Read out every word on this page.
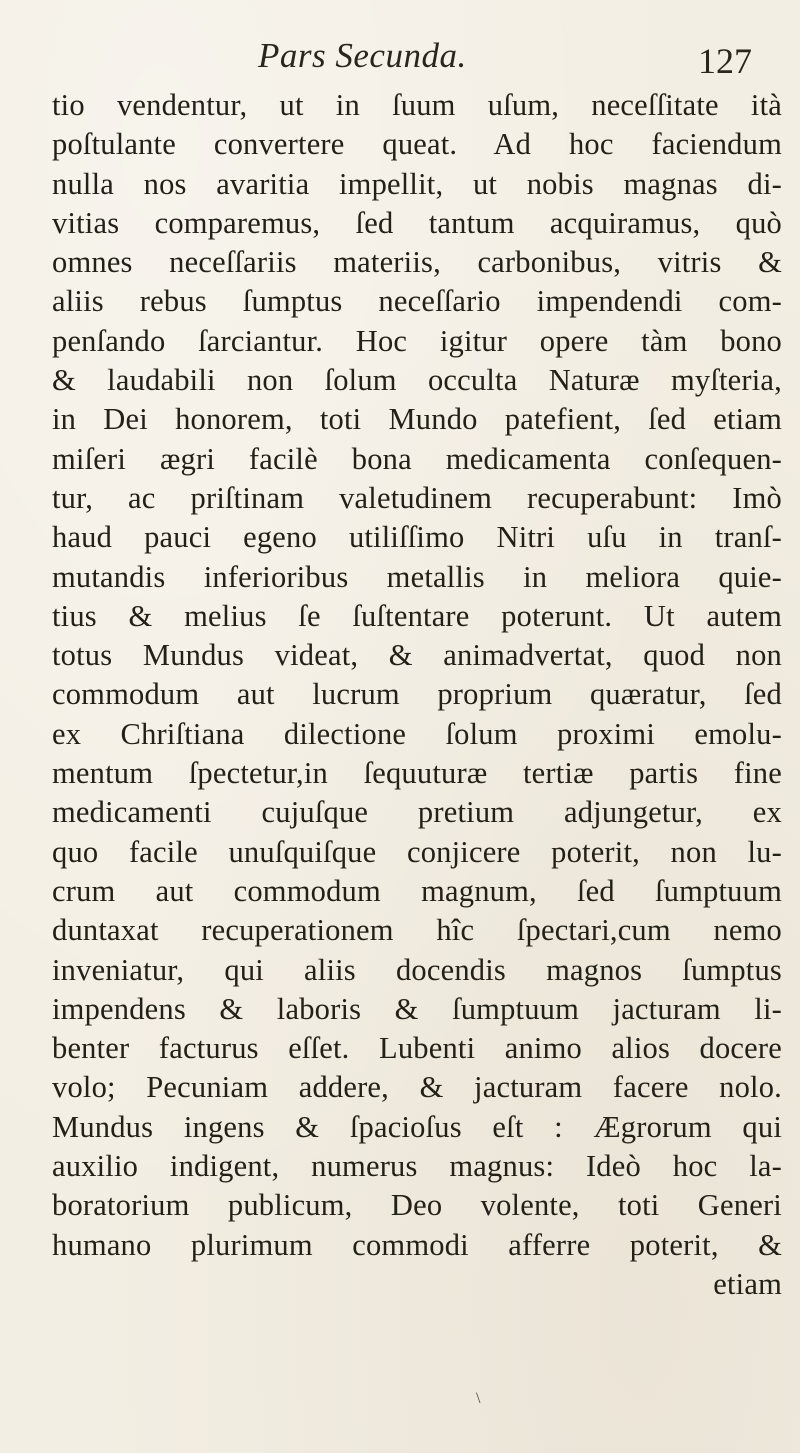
Pars Secunda.	127
tio vendentur, ut in ſuum uſum, neceſſitate ità
poſtulante convertere queat. Ad hoc faciendum
nulla nos avaritia impellit, ut nobis magnas di-
vitias comparemus, ſed tantum acquiramus, quò
omnes neceſſariis materiis, carbonibus, vitris &
aliis rebus ſumptus neceſſario impendendi com-
penſando ſarciantur. Hoc igitur opere tàm bono
& laudabili non ſolum occulta Naturæ myſteria,
in Dei honorem, toti Mundo patefient, ſed etiam
miſeri ægri facilè bona medicamenta conſequen-
tur, ac priſtinam valetudinem recuperabunt: Imò
haud pauci egeno utiliſſimo Nitri uſu in tranſ-
mutandis inferioribus metallis in meliora quie-
tius & melius ſe ſuſtentare poterunt. Ut autem
totus Mundus videat, & animadvertat, quod non
commodum aut lucrum proprium quæratur, ſed
ex Chriſtiana dilectione ſolum proximi emolu-
mentum ſpectetur,in ſequuturæ tertiæ partis fine
medicamenti cujuſque pretium adjungetur, ex
quo facile unuſquiſque conjicere poterit, non lu-
crum aut commodum magnum, ſed ſumptuum
duntaxat recuperationem hîc ſpectari,cum nemo
inveniatur, qui aliis docendis magnos ſumptus
impendens & laboris & ſumptuum jacturam li-
benter facturus eſſet. Lubenti animo alios docere
volo; Pecuniam addere, & jacturam facere nolo.
Mundus ingens & ſpacioſus eſt : Ægrorum qui
auxilio indigent, numerus magnus: Ideò hoc la-
boratorium publicum, Deo volente, toti Generi
humano plurimum commodi afferre poterit, &
etiam
\
